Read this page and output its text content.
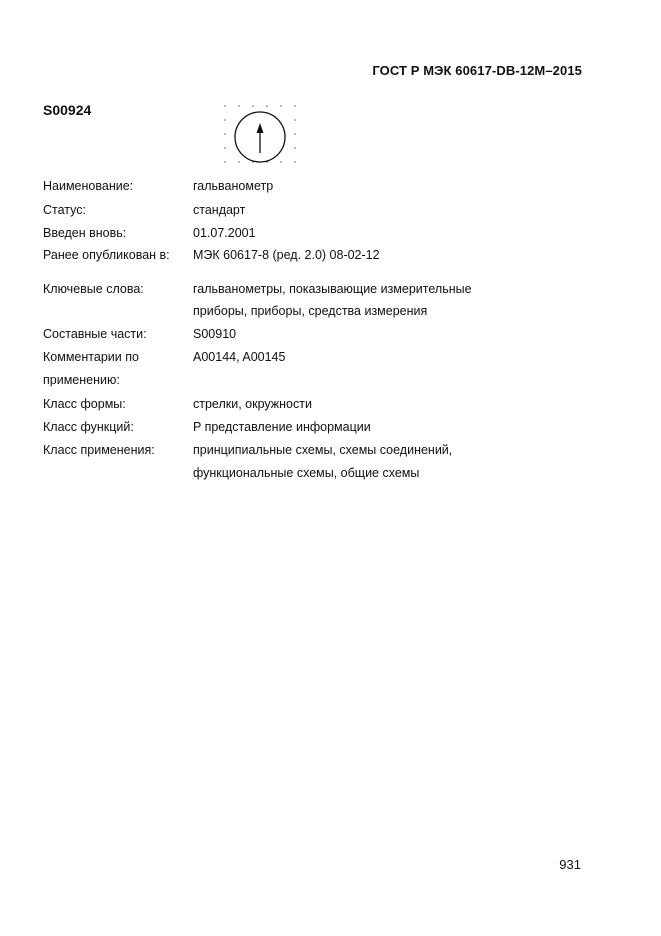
ГОСТ Р МЭК 60617-DB-12M–2015
S00924
Наименование:	гальванометр
Статус:	стандарт
Введен вновь:	01.07.2001
Ранее опубликован в: МЭК 60617-8 (ред. 2.0) 08-02-12
Ключевые слова:	гальванометры, показывающие измерительные
приборы, приборы, средства измерения
Составные части:	S00910
Комментарии по	A00144, A00145
применению:
Класс формы:	стрелки, окружности
Класс функций:	P представление информации
Класс применения:	принципиальные схемы, схемы соединений,
функциональные схемы, общие схемы
931
